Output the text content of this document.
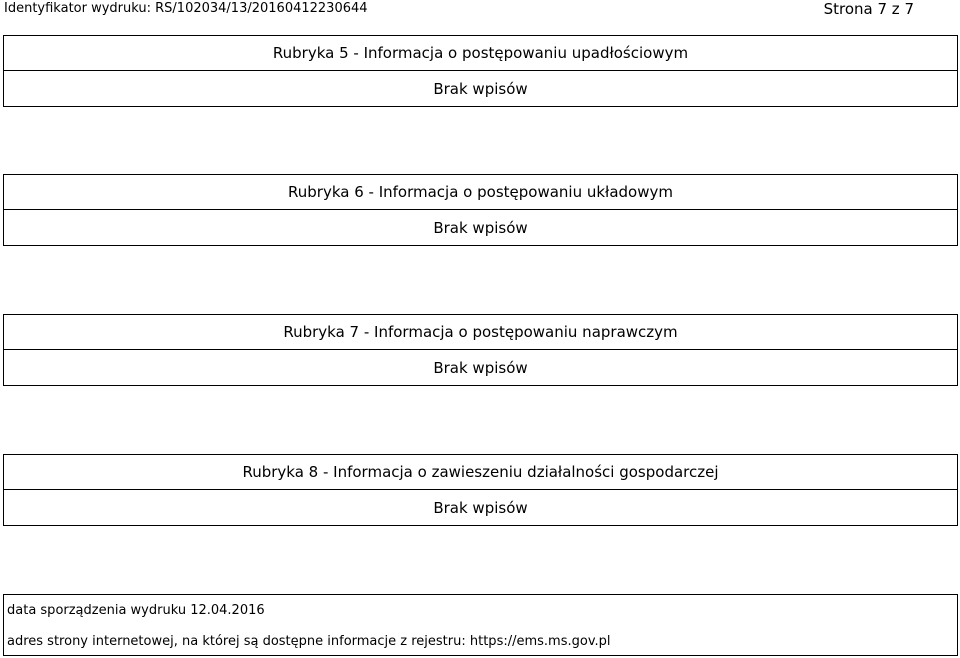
Identyfikator wydruku: RS/102034/13/20160412230644	Strona 7 z 7
Rubryka 5 - Informacja o postępowaniu upadłościowym
Brak wpisów
Rubryka 6 - Informacja o postępowaniu układowym
Brak wpisów
Rubryka 7 - Informacja o postępowaniu naprawczym
Brak wpisów
Rubryka 8 - Informacja o zawieszeniu działalności gospodarczej
Brak wpisów
data sporządzenia wydruku 12.04.2016
adres strony internetowej, na której są dostępne informacje z rejestru: https://ems.ms.gov.pl
